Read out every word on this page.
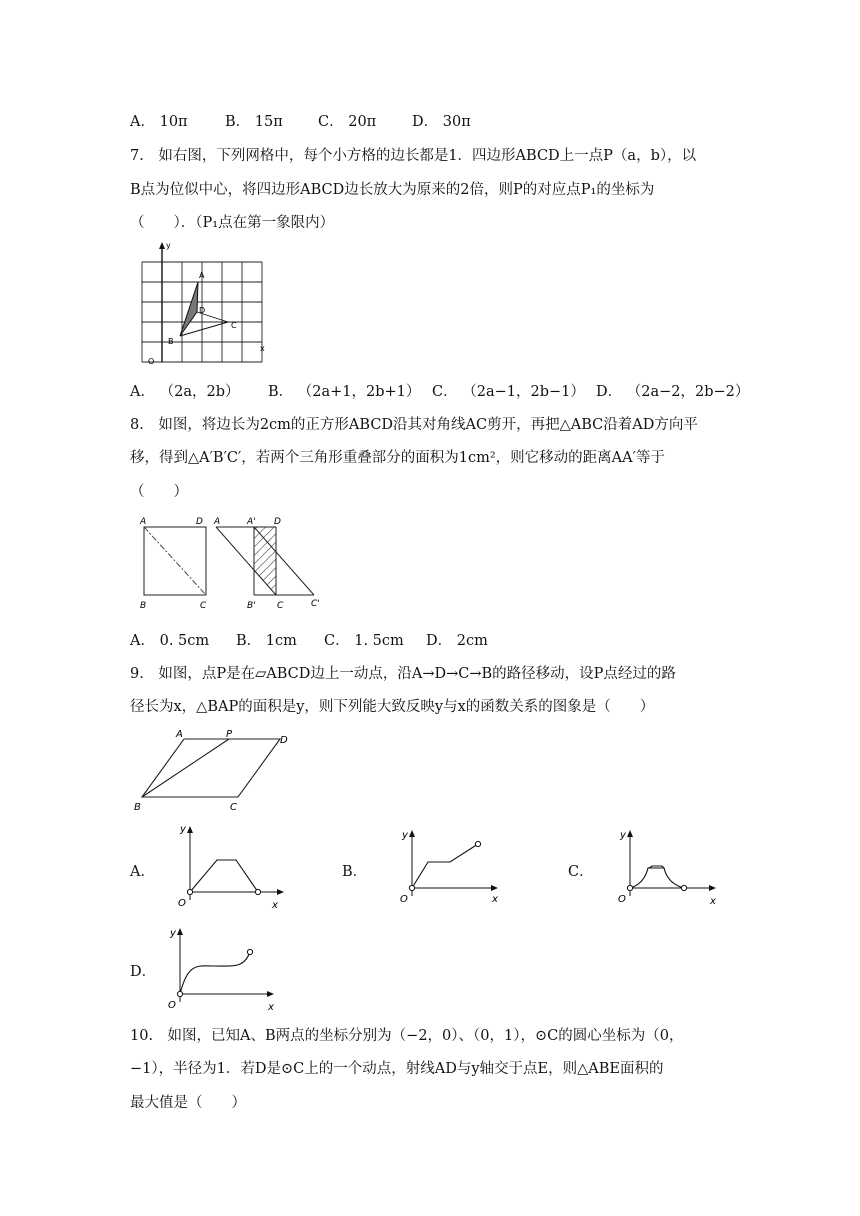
A． 10π	B． 15π C． 20π D． 30π
7.　如右图，下列网格中，每个小方格的边长都是1．四边形ABCD上一点P（a，b），以
B点为位似中心，将四边形ABCD边长放大为原来的2倍，则P的对应点P₁的坐标为
（　　）．（P₁点在第一象限内）
A
D
C
B
y
O
x
A． （2a，2b） B． （2a+1，2b+1） C． （2a−1，2b−1） D． （2a−2，2b−2）
8.　如图，将边长为2cm的正方形ABCD沿其对角线AC剪开，再把△ABC沿着AD方向平
移，得到△A′B′C′，若两个三角形重叠部分的面积为1cm²，则它移动的距离AA′等于
（　　）
A	D
B	C
A	A' D
B' C	C'
A． 0. 5cm B． 1cm C． 1. 5cm D． 2cm
9.　如图，点P是在▱ABCD边上一动点，沿A→D→C→B的路径移动，设P点经过的路
径长为x，△BAP的面积是y，则下列能大致反映y与x的函数关系的图象是（　　）
A	P
D
B	C
A．
y
O	x
B．
y
O	x
C．
y
O	x
D．
y
O	x
10.　如图，已知A、B两点的坐标分别为（−2，0）、（0，1），⊙C的圆心坐标为（0，
−1），半径为1．若D是⊙C上的一个动点，射线AD与y轴交于点E，则△ABE面积的
最大值是（　　）
